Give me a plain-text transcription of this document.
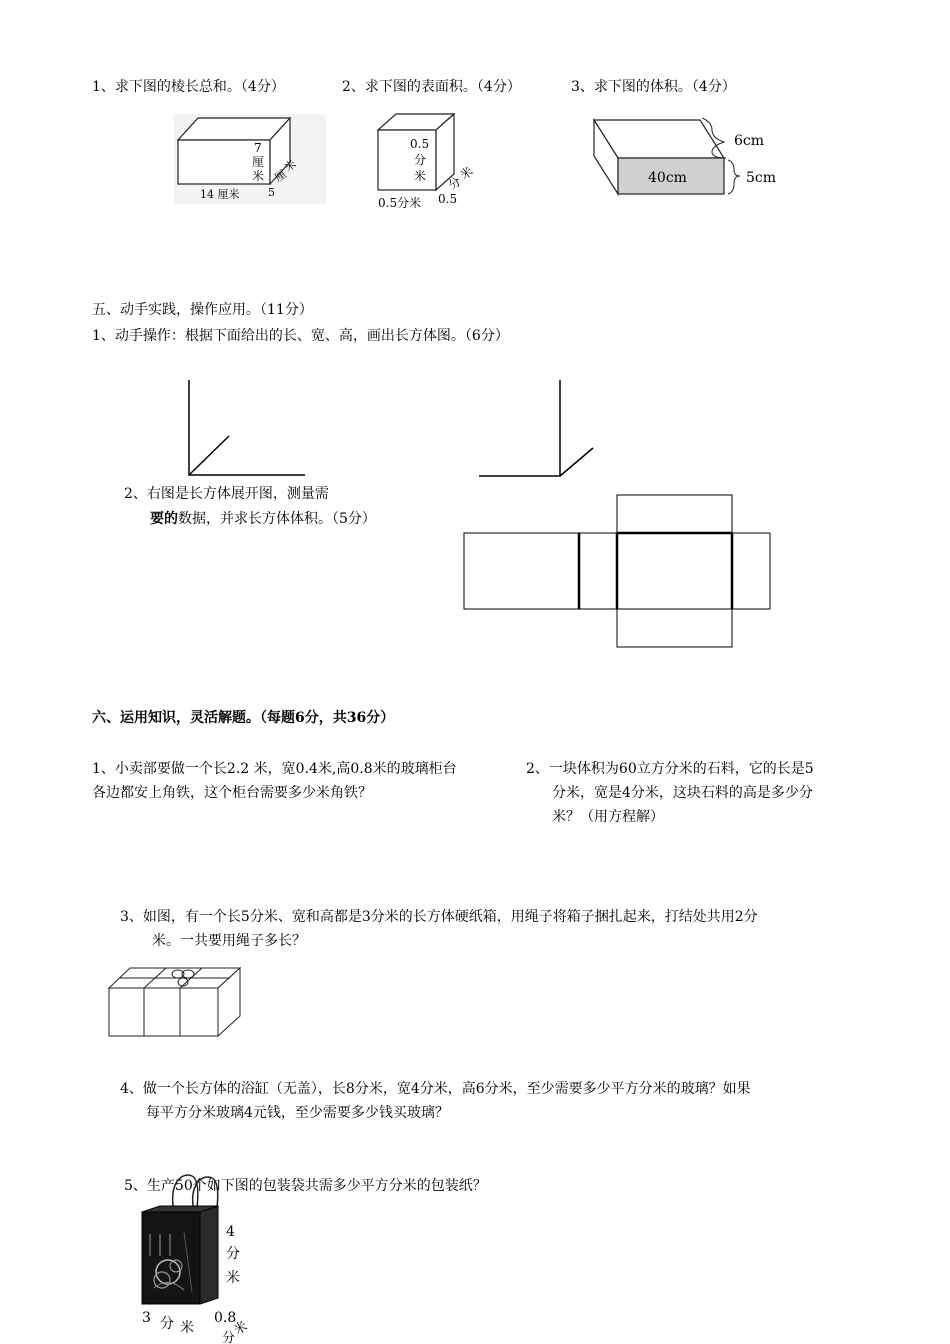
1、求下图的棱长总和。（4分）	2、求下图的表面积。（4分）	3、求下图的体积。（4分）
7
厘
米
14 厘米	5
厘
米
0.5
分
米
0.5分米 0.5
分
米
6cm
40cm	5cm
五、动手实践，操作应用。（11分）
1、动手操作：根据下面给出的长、宽、高，画出长方体图。（6分）
2、右图是长方体展开图，测量需
要的数据，并求长方体体积。（5分）
六、运用知识，灵活解题。（每题6分，共36分）
1、小卖部要做一个长2.2 米，宽0.4米,高0.8米的玻璃柜台各边都安上角铁，这个柜台需要多少米角铁？
2、一块体积为60立方分米的石料，它的长是5
分米，宽是4分米，这块石料的高是多少分
米？（用方程解）
3、如图，有一个长5分米、宽和高都是3分米的长方体硬纸箱，用绳子将箱子捆扎起来，打结处共用2分
米。一共要用绳子多长？
4、做一个长方体的浴缸（无盖），长8分米，宽4分米，高6分米，至少需要多少平方分米的玻璃？如果
每平方分米玻璃4元钱，至少需要多少钱买玻璃？
5、生产50个如下图的包装袋共需多少平方分米的包装纸？
4
分
米
3 分 米
0.8
分
米
